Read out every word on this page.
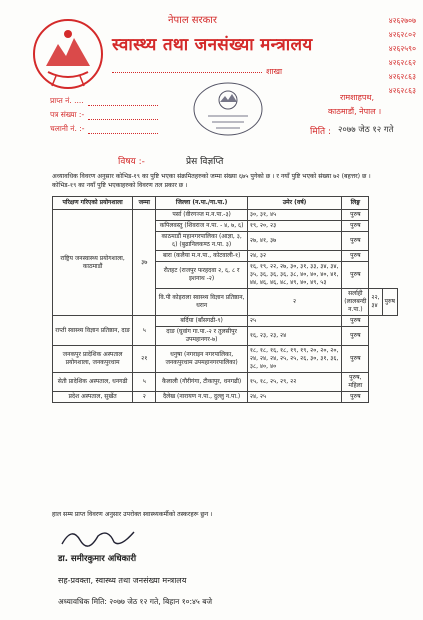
नेपाल सरकार
स्वास्थ्य तथा जनसंख्या मन्त्रालय
शाखा
४२६२७०७
४२६२८०२
४२६२५९०
४२६२८६२
४२६२८६३
४२६२८६३
प्राप्त नं. ....
पत्र संख्या :-
चलानी नं. :-
रामशाहपथ,
काठमाडौं, नेपाल ।
मिति : २०७७ जेठ १२ गते
विषय :-	प्रेस विज्ञप्ति
अध्यावधिक विवरण अनुसार कोभिड-१९ का पुष्टि भएका संक्रमितहरुको जम्मा संख्या ६७५ पुगेको छ । र नयाँ पुष्टि भएको संख्या ७२ (बहत्तर) छ । कोभिड-१९ का नयाँ पुष्टि भएकाहरुको विवरण तल प्रकार छ ।
परिक्षण गरिएको प्रयोगशाला	जम्मा	जिल्ला (न.पा./गा.पा.)	उमेर (वर्ष)	लिङ्ग		
राष्ट्रिय जनस्वास्थ्य प्रयोगशाला, काठमाडौं	३७	पर्सा (वीरगञ्ज म.न.पा.-३)	३०, ३१, ४५	पुरुष		
		कपिलवस्तु (शिवराज न.पा. - ४, ७, ६)	१९, २०, २३	पुरुष		
		काठमाडौं महानगरपालिका (आज्ञा, ३, ६) (बुढानिलकण्ठ न.पा. ३)	२७, ४१, ३७	पुरुष		
		बारा (कलैया म.न.पा., कोटवाली-१)	२४, ३२	पुरुष		
		रौतहट (राजपुर फरहदवा २, ६, ८ र इशनाथ -२)	१६, १९, २२, २७, ३०, ३१, ३३, ३४, ३४, ३५, ३६, ३६, ३६, ३८, ४०, ४०, ४०, ४१, ४४, ४६, ४६, ४८, ४९, ४०, ४९, ५३	पुरुष		
		वि.पी कोइराला स्वास्थ्य विज्ञान प्रतिष्ठान, धरान	२	सर्लाही (लालबन्दी न.पा.)	२२, ३४	पुरुष
राप्ती स्वास्थ्य विज्ञान प्रतिष्ठान, दाङ	५	बर्दिया (बाँसगढी-९)	२५	पुरुष		
		दाङ (घुवांग गा.पा.-२ र तुलसीपुर उपमहानगर-७)	१६, २३, २३, २४	पुरुष		
जनकपुर प्रादेशिक अस्पताल प्रयोगशाला, जनकपुरधाम	२१	धनुषा (नगराइन नगरपालिका, जनकपुरधाम उपमहानगरपालिका)	१८, १८, १६, १८, १९, १९, २०, २०, २०, २४, २४, २४, २५, २५, २६, ३०, ३१, ३६, ३८, ४०, ४०	पुरुष		
सेती प्रादेशिक अस्पताल, धनगढी	५	कैलाली (गौरीगंगा, टीकापुर, धनगढी)	१५, १८, २५, २९, २२	पुरुष, महिला		
प्रदेश अस्पताल, सुर्खेत	२	दैलेख (नारायण न.पा., दुल्लु न.पा.)	२४, २५	पुरुष		
हाल सम्म प्राप्त विवरण अनुसार उपरोक्त स्वास्थ्यकर्मीको तस्करहरू छुन ।
डा. समीरकुमार अधिकारी
सह-प्रवक्ता, स्वास्थ्य तथा जनसंख्या मन्त्रालय
अध्यावधिक मिति: २०७७ जेठ १२ गते, बिहान १०:४५ बजे
